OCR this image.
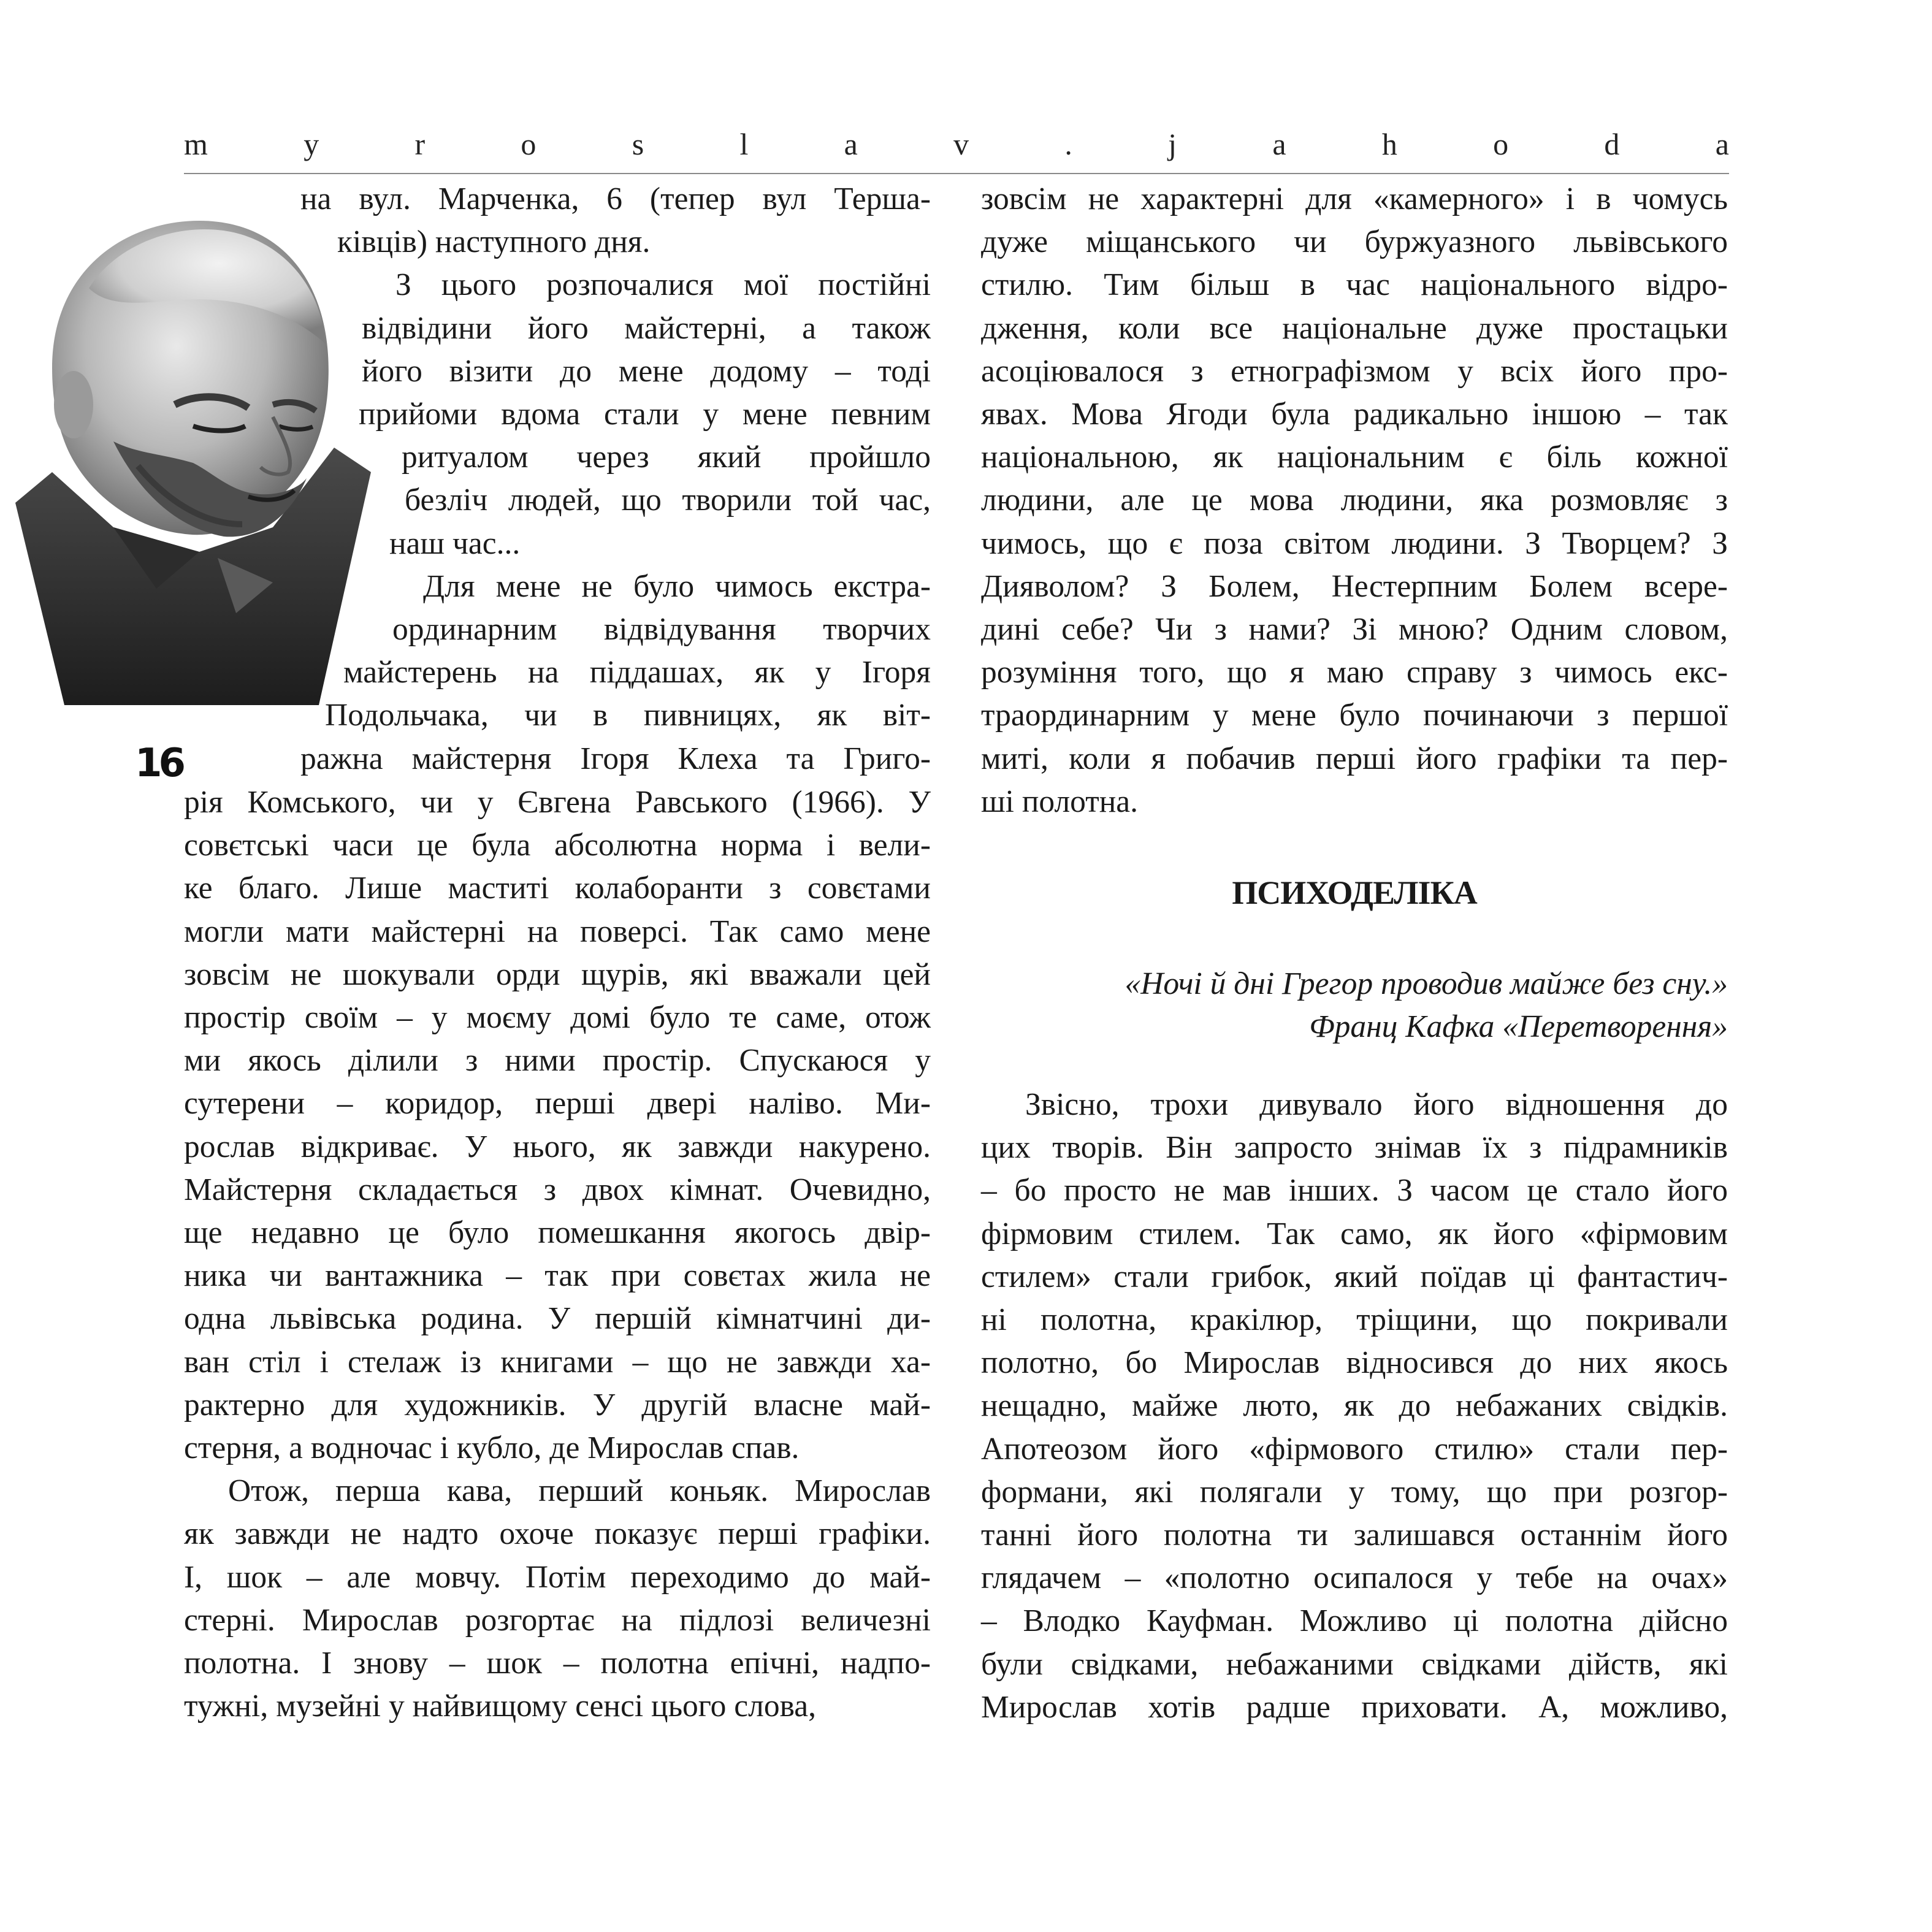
m	y	r	o	s	l	a	v	.	j	a	h	o	d	a
16
на вул. Марченка, 6 (тепер вул Терша-
ківців) наступного дня.
З цього розпочалися мої постійні
відвідини його майстерні, а також
його візити до мене додому – тоді
прийоми вдома стали у мене певним
ритуалом через який пройшло
безліч людей, що творили той час,
наш час...
Для мене не було чимось екстра-
ординарним відвідування творчих
майстерень на піддашах, як у Ігоря
Подольчака, чи в пивницях, як віт-
ражна майстерня Ігоря Клеха та Григо-
рія Комського, чи у Євгена Равського (1966). У
совєтські часи це була абсолютна норма і вели-
ке благо. Лише маститі колаборанти з совєтами
могли мати майстерні на поверсі. Так само мене
зовсім не шокували орди щурів, які вважали цей
простір своїм – у моєму домі було те саме, отож
ми якось ділили з ними простір. Спускаюся у
сутерени – коридор, перші двері наліво. Ми-
рослав відкриває. У нього, як завжди накурено.
Майстерня складається з двох кімнат. Очевидно,
ще недавно це було помешкання якогось двір-
ника чи вантажника – так при совєтах жила не
одна львівська родина. У першій кімнатчині ди-
ван стіл і стелаж із книгами – що не завжди ха-
рактерно для художників. У другій власне май-
стерня, а водночас і кубло, де Мирослав спав.
Отож, перша кава, перший коньяк. Мирослав
як завжди не надто охоче показує перші графіки.
І, шок – але мовчу. Потім переходимо до май-
стерні. Мирослав розгортає на підлозі величезні
полотна. І знову – шок – полотна епічні, надпо-
тужні, музейні у найвищому сенсі цього слова,
зовсім не характерні для «камерного» і в чомусь
дуже міщанського чи буржуазного львівського
стилю. Тим більш в час національного відро-
дження, коли все національне дуже простацьки
асоціювалося з етнографізмом у всіх його про-
явах. Мова Ягоди була радикально іншою – так
національною, як національним є біль кожної
людини, але це мова людини, яка розмовляє з
чимось, що є поза світом людини. З Творцем? З
Дияволом? З Болем, Нестерпним Болем всере-
дині себе? Чи з нами? Зі мною? Одним словом,
розуміння того, що я маю справу з чимось екс-
траординарним у мене було починаючи з першої
миті, коли я побачив перші його графіки та пер-
ші полотна.
ПСИХОДЕЛІКА
«Ночі й дні Грегор проводив майже без сну.»
Франц Кафка «Перетворення»
Звісно, трохи дивувало його відношення до
цих творів. Він запросто знімав їх з підрамників
– бо просто не мав інших. З часом це стало його
фірмовим стилем. Так само, як його «фірмовим
стилем» стали грибок, який поїдав ці фантастич-
ні полотна, кракілюр, тріщини, що покривали
полотно, бо Мирослав відносився до них якось
нещадно, майже люто, як до небажаних свідків.
Апотеозом його «фірмового стилю» стали пер-
формани, які полягали у тому, що при розгор-
танні його полотна ти залишався останнім його
глядачем – «полотно осипалося у тебе на очах»
– Влодко Кауфман. Можливо ці полотна дійсно
були свідками, небажаними свідками дійств, які
Мирослав хотів радше приховати. А, можливо,
